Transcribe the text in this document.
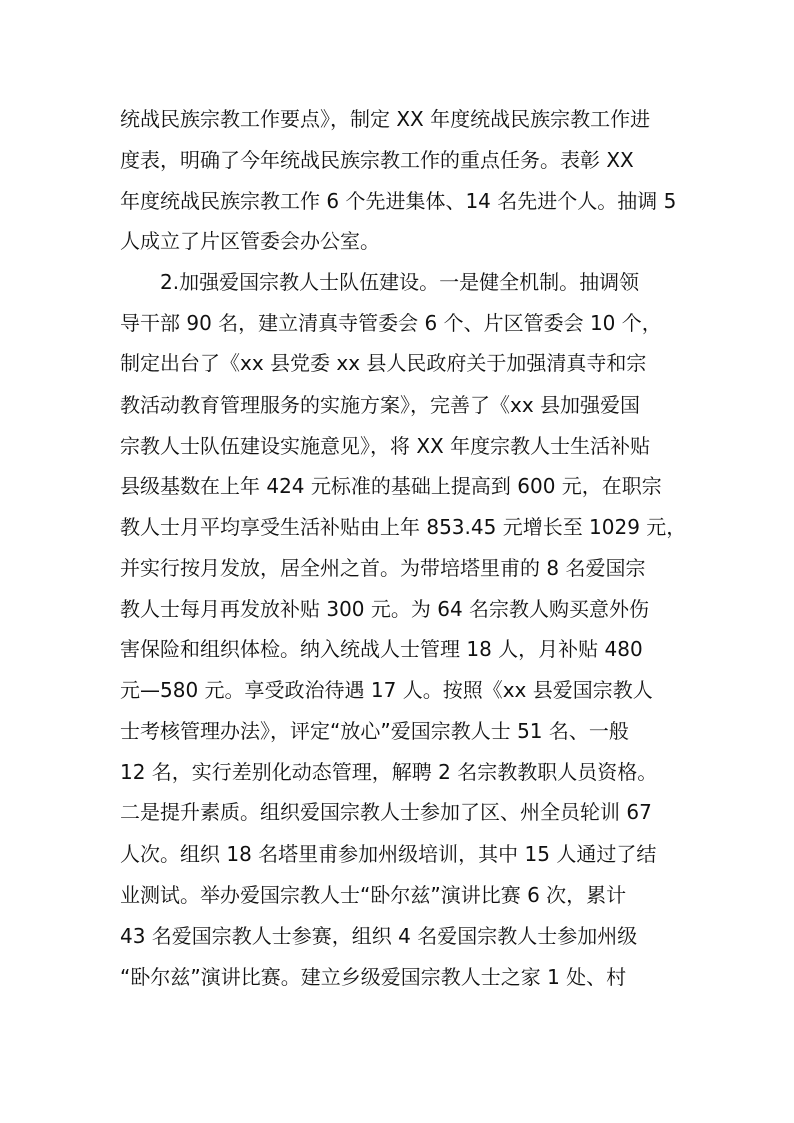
统战民族宗教工作要点》，制定 XX 年度统战民族宗教工作进
度表，明确了今年统战民族宗教工作的重点任务。表彰 XX
年度统战民族宗教工作 6 个先进集体、14 名先进个人。抽调 5
人成立了片区管委会办公室。
2.加强爱国宗教人士队伍建设。一是健全机制。抽调领
导干部 90 名，建立清真寺管委会 6 个、片区管委会 10 个，
制定出台了《xx 县党委 xx 县人民政府关于加强清真寺和宗
教活动教育管理服务的实施方案》，完善了《xx 县加强爱国
宗教人士队伍建设实施意见》，将 XX 年度宗教人士生活补贴
县级基数在上年 424 元标准的基础上提高到 600 元，在职宗
教人士月平均享受生活补贴由上年 853.45 元增长至 1029 元，
并实行按月发放，居全州之首。为带培塔里甫的 8 名爱国宗
教人士每月再发放补贴 300 元。为 64 名宗教人购买意外伤
害保险和组织体检。纳入统战人士管理 18 人，月补贴 480
元—580 元。享受政治待遇 17 人。按照《xx 县爱国宗教人
士考核管理办法》，评定“放心”爱国宗教人士 51 名、一般
12 名，实行差别化动态管理，解聘 2 名宗教教职人员资格。
二是提升素质。组织爱国宗教人士参加了区、州全员轮训 67
人次。组织 18 名塔里甫参加州级培训，其中 15 人通过了结
业测试。举办爱国宗教人士“卧尔兹”演讲比赛 6 次，累计
43 名爱国宗教人士参赛，组织 4 名爱国宗教人士参加州级
“卧尔兹”演讲比赛。建立乡级爱国宗教人士之家 1 处、村
